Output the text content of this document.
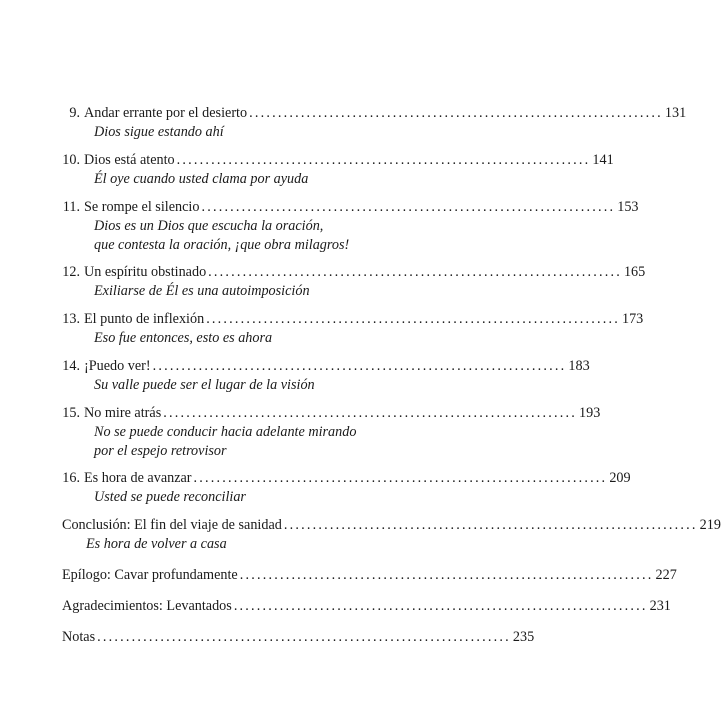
9. Andar errante por el desierto ........................................................................ 131
Dios sigue estando ahí
10. Dios está atento ........................................................................ 141
Él oye cuando usted clama por ayuda
11. Se rompe el silencio ........................................................................ 153
Dios es un Dios que escucha la oración,
que contesta la oración, ¡que obra milagros!
12. Un espíritu obstinado ........................................................................ 165
Exiliarse de Él es una autoimposición
13. El punto de inflexión ........................................................................ 173
Eso fue entonces, esto es ahora
14. ¡Puedo ver! ........................................................................ 183
Su valle puede ser el lugar de la visión
15. No mire atrás ........................................................................ 193
No se puede conducir hacia adelante mirando
por el espejo retrovisor
16. Es hora de avanzar ........................................................................ 209
Usted se puede reconciliar
Conclusión: El fin del viaje de sanidad ........................................................................ 219
Es hora de volver a casa
Epílogo: Cavar profundamente ........................................................................ 227
Agradecimientos: Levantados ........................................................................ 231
Notas ........................................................................ 235
